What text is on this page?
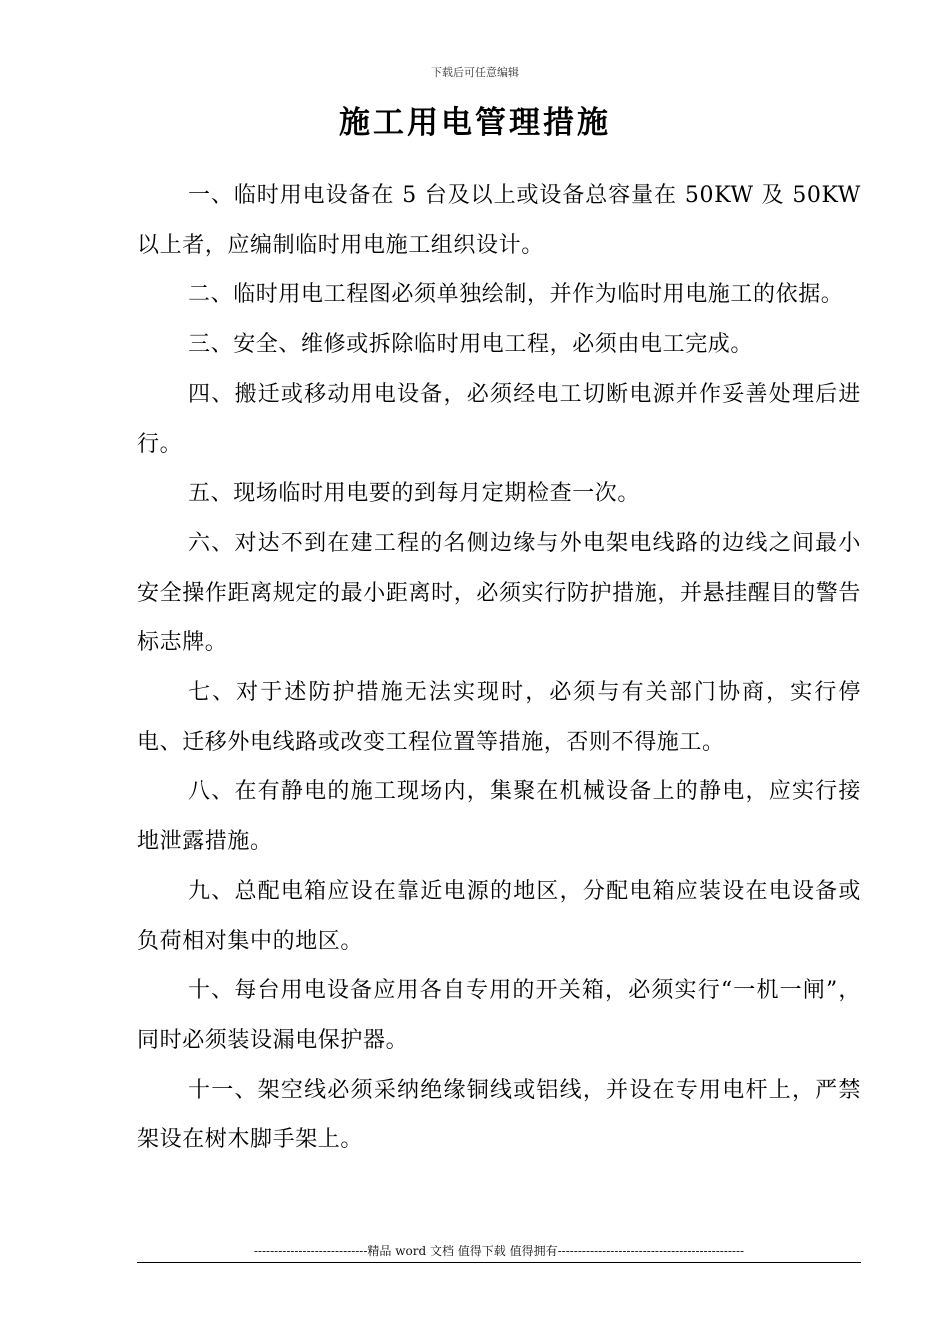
下载后可任意编辑
施工用电管理措施

一、临时用电设备在 5 台及以上或设备总容量在 50KW 及 50KW 以上者，应编制临时用电施工组织设计。

二、临时用电工程图必须单独绘制，并作为临时用电施工的依据。

三、安全、维修或拆除临时用电工程，必须由电工完成。

四、搬迁或移动用电设备，必须经电工切断电源并作妥善处理后进行。

五、现场临时用电要的到每月定期检查一次。

六、对达不到在建工程的名侧边缘与外电架电线路的边线之间最小安全操作距离规定的最小距离时，必须实行防护措施，并悬挂醒目的警告标志牌。

七、对于述防护措施无法实现时，必须与有关部门协商，实行停电、迁移外电线路或改变工程位置等措施，否则不得施工。

八、在有静电的施工现场内，集聚在机械设备上的静电，应实行接地泄露措施。

九、总配电箱应设在靠近电源的地区，分配电箱应装设在电设备或负荷相对集中的地区。

十、每台用电设备应用各自专用的开关箱，必须实行“一机一闸”，同时必须装设漏电保护器。

十一、架空线必须采纳绝缘铜线或铝线，并设在专用电杆上，严禁架设在树木脚手架上。

----------------------------精品 word 文档 值得下载 值得拥有----------------------------------------------
